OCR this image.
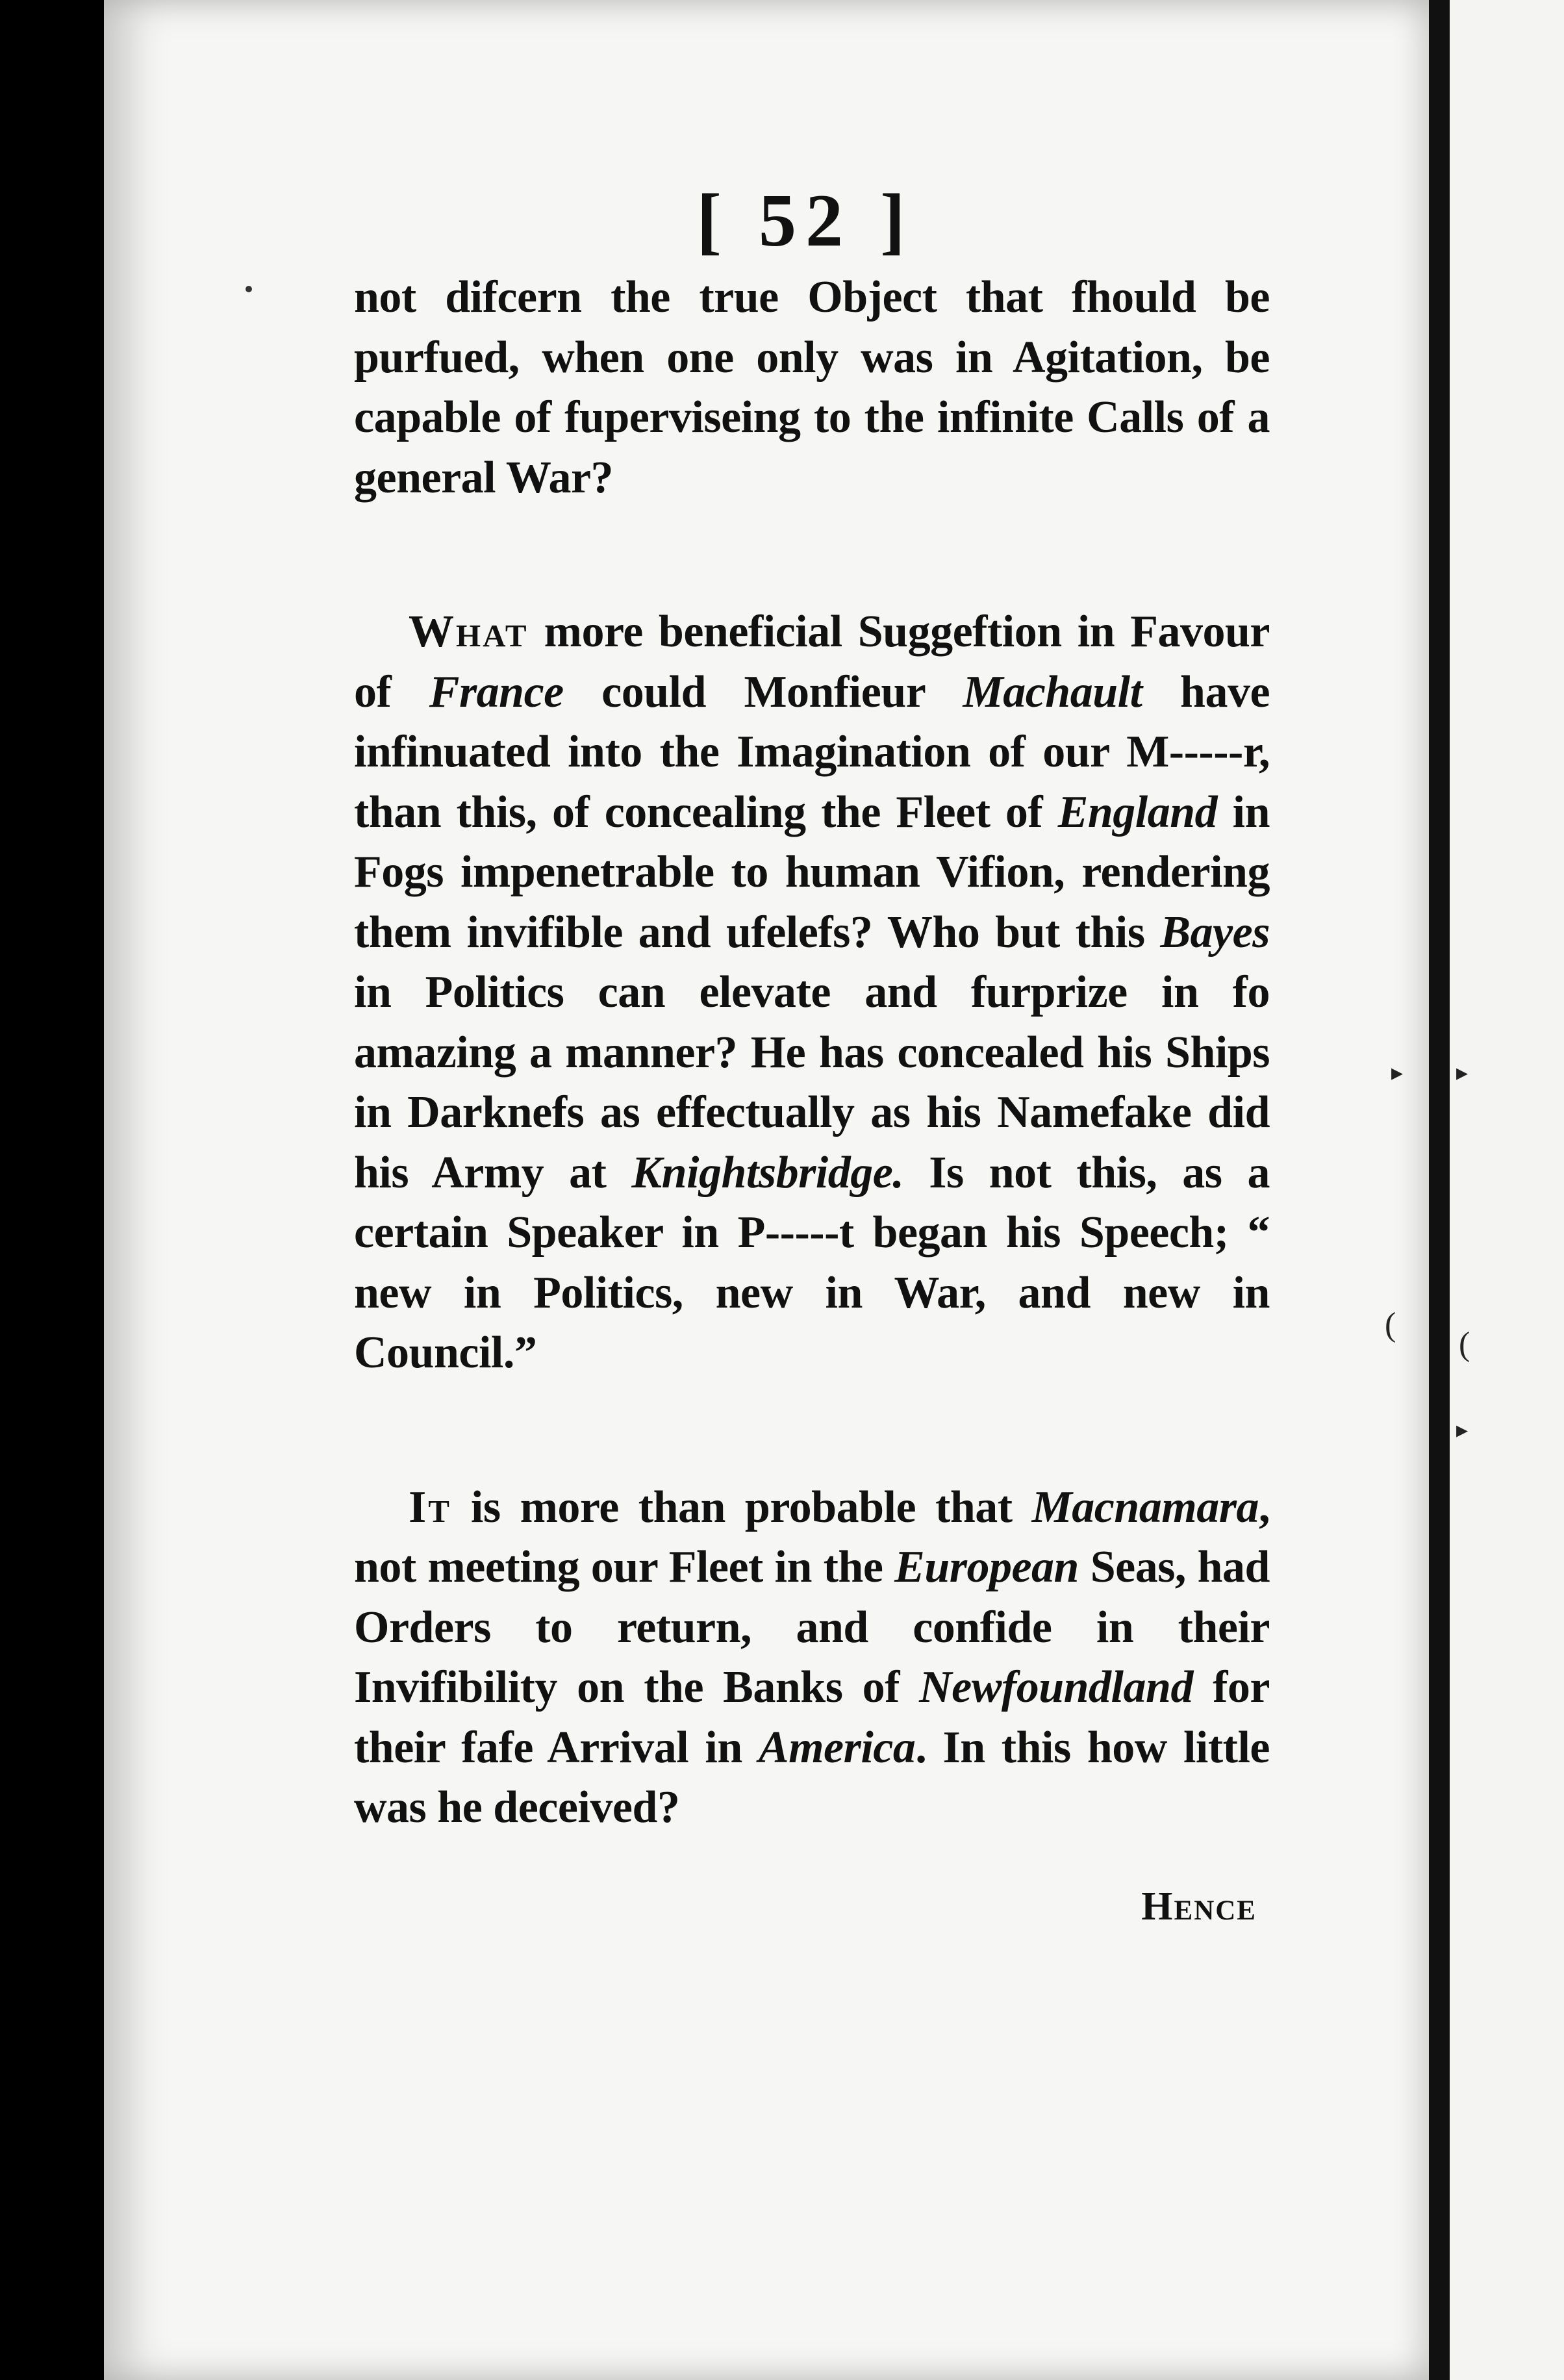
(
▸
▸
(
▸
[ 52 ]

not difcern the true Object that fhould be purfued, when one only was in Agitation, be capable of fuperviseing to the infinite Calls of a general War?

What more beneficial Suggeftion in Favour of France could Monfieur Machault have infinuated into the Imagination of our M-----r, than this, of concealing the Fleet of England in Fogs impenetrable to human Vifion, rendering them invifible and ufelefs? Who but this Bayes in Politics can elevate and furprize in fo amazing a manner? He has concealed his Ships in Darknefs as effectually as his Namefake did his Army at Knightsbridge. Is not this, as a certain Speaker in P-----t began his Speech; “ new in Politics, new in War, and new in Council.”

It is more than probable that Macnamara, not meeting our Fleet in the European Seas, had Orders to return, and confide in their Invifibility on the Banks of Newfoundland for their fafe Arrival in America. In this how little was he deceived?

Hence
